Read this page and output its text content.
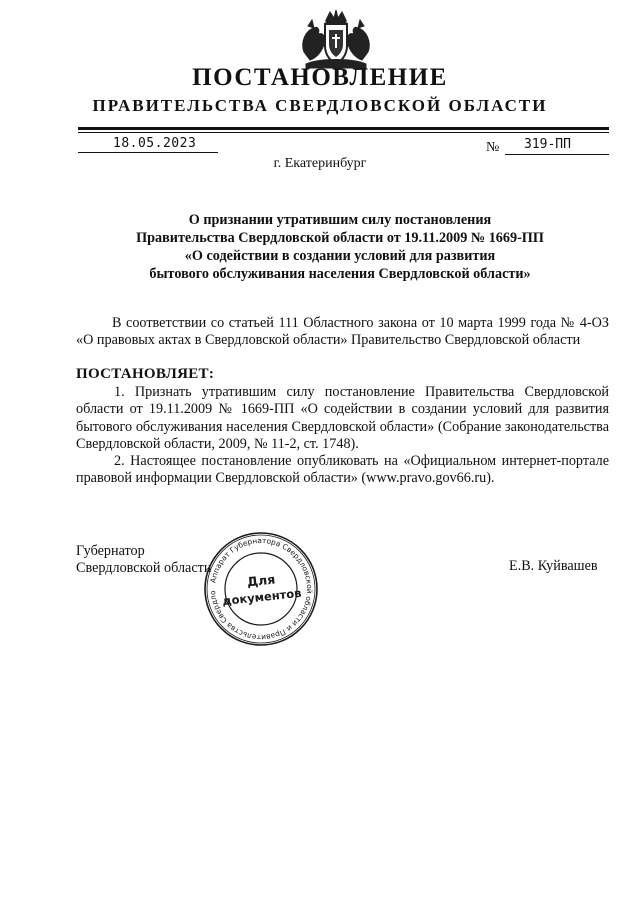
ПОСТАНОВЛЕНИЕ
ПРАВИТЕЛЬСТВА СВЕРДЛОВСКОЙ ОБЛАСТИ
18.05.2023	№ 319-ПП
г. Екатеринбург
О признании утратившим силу постановления
Правительства Свердловской области от 19.11.2009 № 1669-ПП
«О содействии в создании условий для развития
бытового обслуживания населения Свердловской области»
В соответствии со статьей 111 Областного закона от 10 марта 1999 года № 4-ОЗ «О правовых актах в Свердловской области» Правительство Свердловской области
ПОСТАНОВЛЯЕТ:
1. Признать утратившим силу постановление Правительства Свердловской области от 19.11.2009 № 1669-ПП «О содействии в создании условий для развития бытового обслуживания населения Свердловской области» (Собрание законодательства Свердловской области, 2009, № 11-2, ст. 1748).
2. Настоящее постановление опубликовать на «Официальном интернет-портале правовой информации Свердловской области» (www.pravo.gov66.ru).
Губернатор
Свердловской области	Е.В. Куйвашев
Аппарат Губернатора Свердловской области и Правительства Свердло
Для
документов
